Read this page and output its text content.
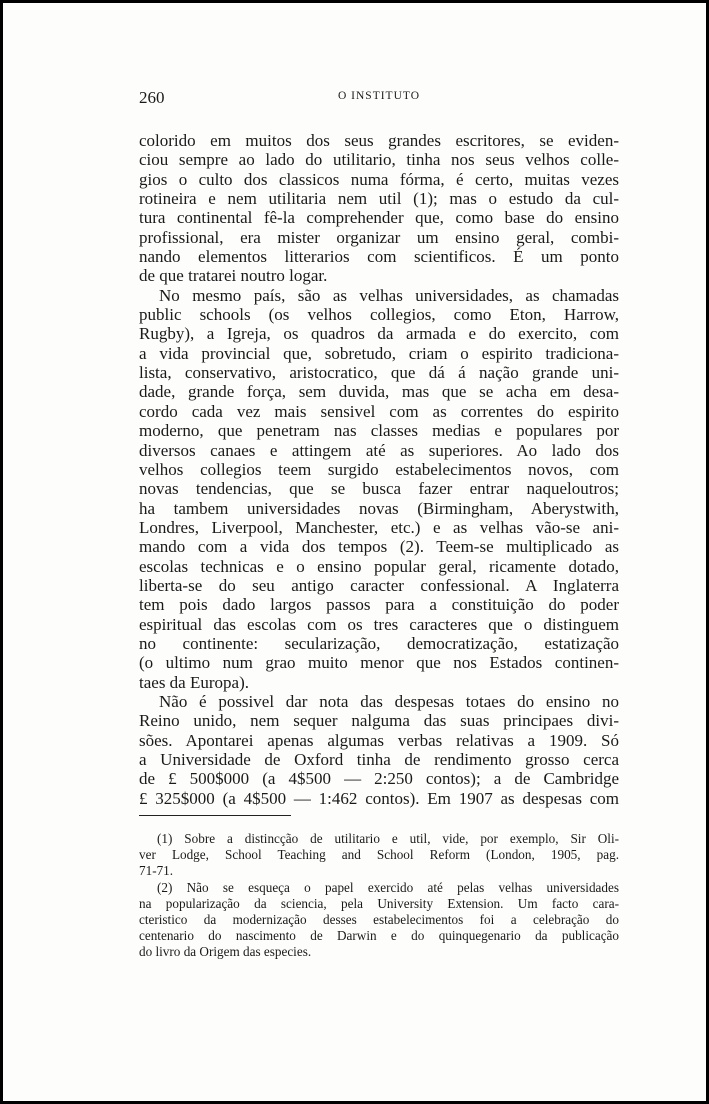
260	O INSTITUTO
colorido em muitos dos seus grandes escritores, se eviden-
ciou sempre ao lado do utilitario, tinha nos seus velhos colle-
gios o culto dos classicos numa fórma, é certo, muitas vezes
rotineira e nem utilitaria nem util (1); mas o estudo da cul-
tura continental fê-la comprehender que, como base do ensino
profissional, era mister organizar um ensino geral, combi-
nando elementos litterarios com scientificos. É um ponto
de que tratarei noutro logar.
No mesmo país, são as velhas universidades, as chamadas
public schools (os velhos collegios, como Eton, Harrow,
Rugby), a Igreja, os quadros da armada e do exercito, com
a vida provincial que, sobretudo, criam o espirito tradiciona-
lista, conservativo, aristocratico, que dá á nação grande uni-
dade, grande força, sem duvida, mas que se acha em desa-
cordo cada vez mais sensivel com as correntes do espirito
moderno, que penetram nas classes medias e populares por
diversos canaes e attingem até as superiores. Ao lado dos
velhos collegios teem surgido estabelecimentos novos, com
novas tendencias, que se busca fazer entrar naqueloutros;
ha tambem universidades novas (Birmingham, Aberystwith,
Londres, Liverpool, Manchester, etc.) e as velhas vão-se ani-
mando com a vida dos tempos (2). Teem-se multiplicado as
escolas technicas e o ensino popular geral, ricamente dotado,
liberta-se do seu antigo caracter confessional. A Inglaterra
tem pois dado largos passos para a constituição do poder
espiritual das escolas com os tres caracteres que o distinguem
no continente: secularização, democratização, estatização
(o ultimo num grao muito menor que nos Estados continen-
taes da Europa).
Não é possivel dar nota das despesas totaes do ensino no
Reino unido, nem sequer nalguma das suas principaes divi-
sões. Apontarei apenas algumas verbas relativas a 1909. Só
a Universidade de Oxford tinha de rendimento grosso cerca
de £ 500$000 (a 4$500 — 2:250 contos); a de Cambridge
£ 325$000 (a 4$500 — 1:462 contos). Em 1907 as despesas com
(1) Sobre a distincção de utilitario e util, vide, por exemplo, Sir Oli-
ver Lodge, School Teaching and School Reform (London, 1905, pag.
71-71.
(2) Não se esqueça o papel exercido até pelas velhas universidades
na popularização da sciencia, pela University Extension. Um facto cara-
cteristico da modernização desses estabelecimentos foi a celebração do
centenario do nascimento de Darwin e do quinquegenario da publicação
do livro da Origem das especies.
